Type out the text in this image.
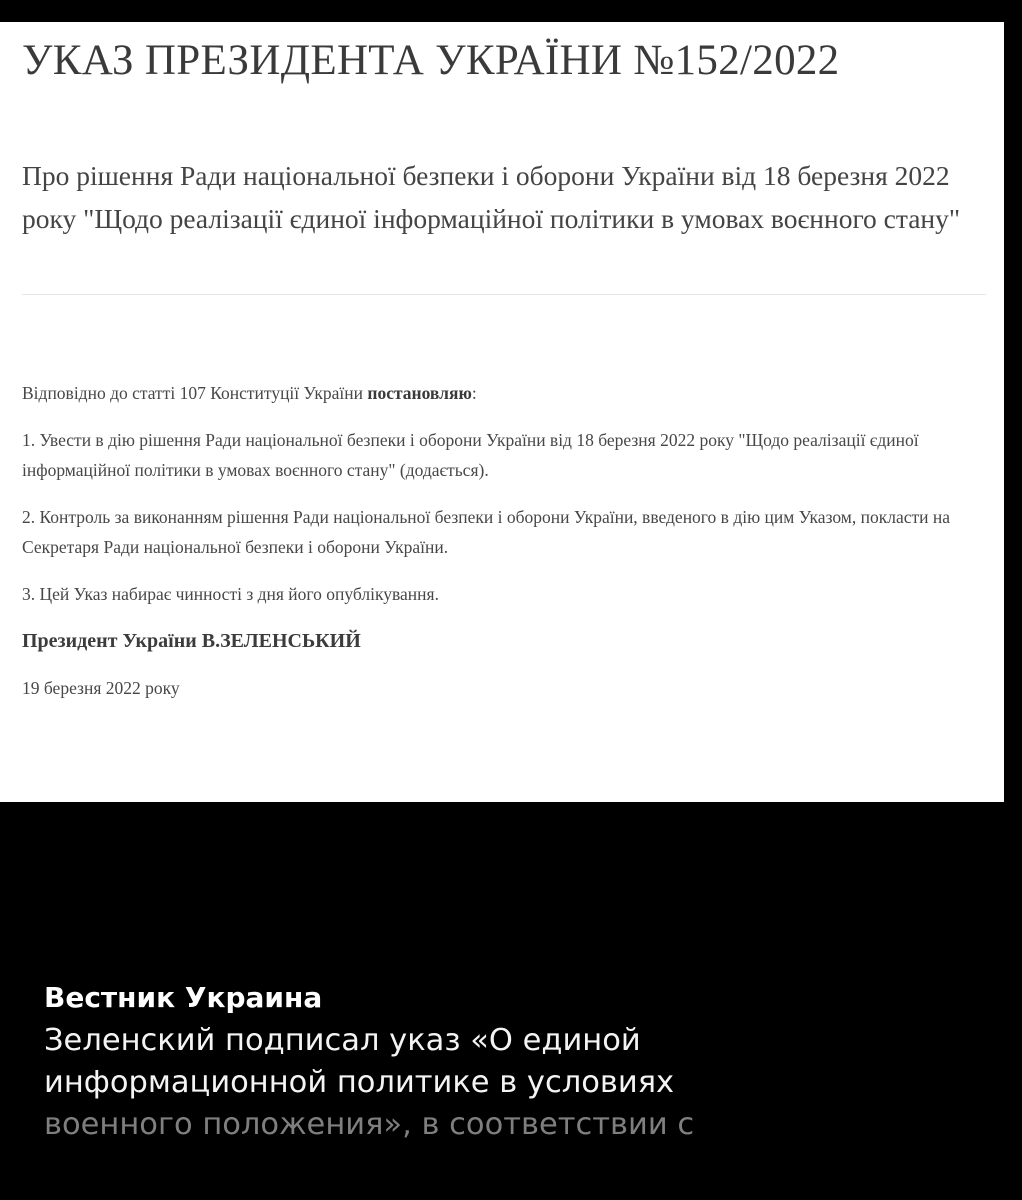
УКАЗ ПРЕЗИДЕНТА УКРАЇНИ №152/2022

Про рішення Ради національної безпеки і оборони України від 18 березня 2022 року "Щодо реалізації єдиної інформаційної політики в умовах воєнного стану"

Відповідно до статті 107 Конституції України постановляю:

1. Увести в дію рішення Ради національної безпеки і оборони України від 18 березня 2022 року "Щодо реалізації єдиної інформаційної політики в умовах воєнного стану" (додається).

2. Контроль за виконанням рішення Ради національної безпеки і оборони України, введеного в дію цим Указом, покласти на Секретаря Ради національної безпеки і оборони України.

3. Цей Указ набирає чинності з дня його опублікування.

Президент України В.ЗЕЛЕНСЬКИЙ

19 березня 2022 року

Вестник Украина

Зеленский подписал указ «О единой
информационной политике в условиях
военного положения», в соответствии с
